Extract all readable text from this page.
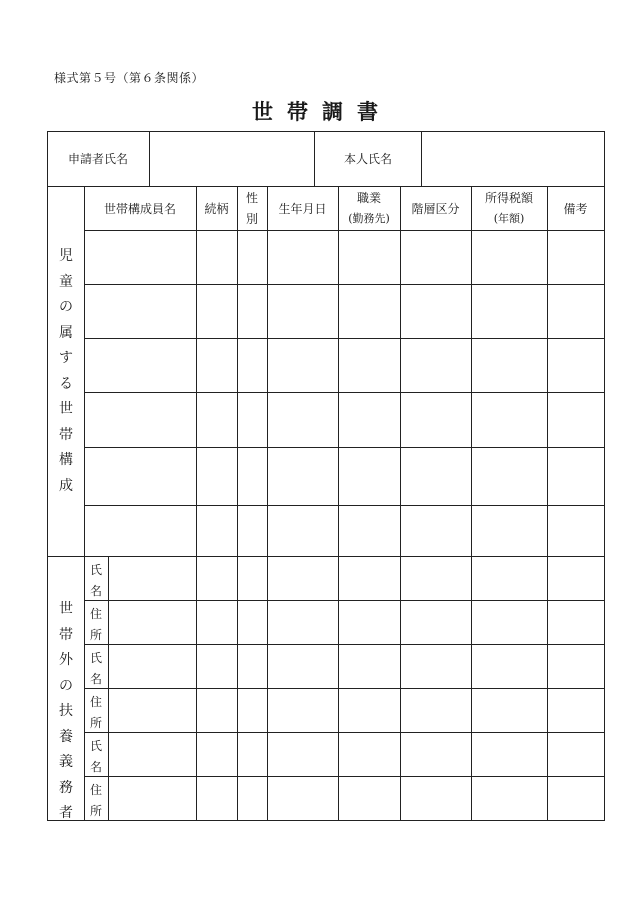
様式第５号（第６条関係）
世帯調書
申請者氏名	本人氏名
世帯構成員名	続柄
性
別
生年月日
職業
(勤務先)
階層区分
所得税額
(年額)
備考
児童の属する世帯構成
世帯外の扶養義務者
氏
名
住
所
氏
名
住
所
氏
名
住
所
